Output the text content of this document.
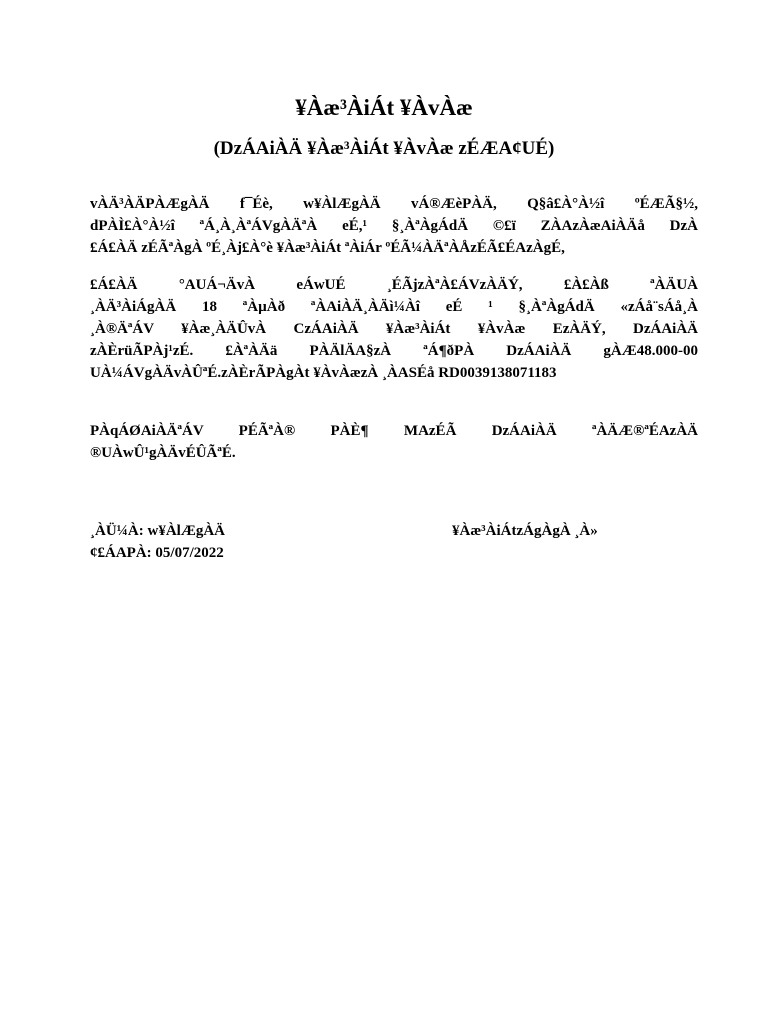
¥Àæ³ÀiÁt ¥ÀvÀæ
(DzÁAiÀÄ ¥Àæ³ÀiÁt ¥ÀvÀæ zÉÆA¢UÉ)
vÀÄ³ÀÄPÀÆgÀÄ f¯Éè, w¥ÀlÆgÀÄ vÁ®ÆèPÀÄ, Q§â£À°À½î ºÉÆÃ§½,
dPÀÌ£À°À½î ªÁ¸À¸ÀªÁVgÀÄªÀ eÉ,¹ §¸ÀªÀgÁdÄ ©£ï ZÀAzÀæAiÀÄå DzÀ
£Á£ÀÄ zÉÃªÀgÀ ºÉ¸Àj£À°è ¥Àæ³ÀiÁt ªÀiÁr ºÉÃ¼ÀÄªÀÅzÉÃ£ÉAzÀgÉ,
£Á£ÀÄ °AUÁ¬ÄvÀ eÁwUÉ ¸ÉÃjzÀªÀ£ÁVzÀÄÝ, £À£Àß ªÀÄUÀ
¸ÀÄ³ÀiÁgÀÄ 18 ªÀµÀð ªÀAiÀÄ¸ÀÄì¼Àî eÉ ¹ §¸ÀªÀgÁdÄ «zÁå¨sÁå¸À
¸À®ÄªÁV ¥Àæ¸ÀÄÛvÀ CzÁAiÀÄ ¥Àæ³ÀiÁt ¥ÀvÀæ EzÀÄÝ, DzÁAiÀÄ
zÀÈrüÃPÀj¹zÉ. £ÀªÀÄä PÀÄlÄA§zÀ ªÁ¶ðPÀ DzÁAiÀÄ gÀÆ48.000-00
UÀ¼ÁVgÀÄvÀÛªÉ.zÀÈrÃPÀgÀt ¥ÀvÀæzÀ ¸ÀASÉå RD0039138071183
PÀqÁØAiÀÄªÁV PÉÃªÀ® PÀÈ¶ MAzÉÃ DzÁAiÀÄ ªÀÄÆ®ªÉAzÀÄ
®UÀwÛ¹gÀÄvÉÛÃªÉ.
¸ÀÜ¼À: w¥ÀlÆgÀÄ
¢£ÁAPÀ: 05/07/2022
¥Àæ³ÀiÁtzÁgÀgÀ ¸À»
